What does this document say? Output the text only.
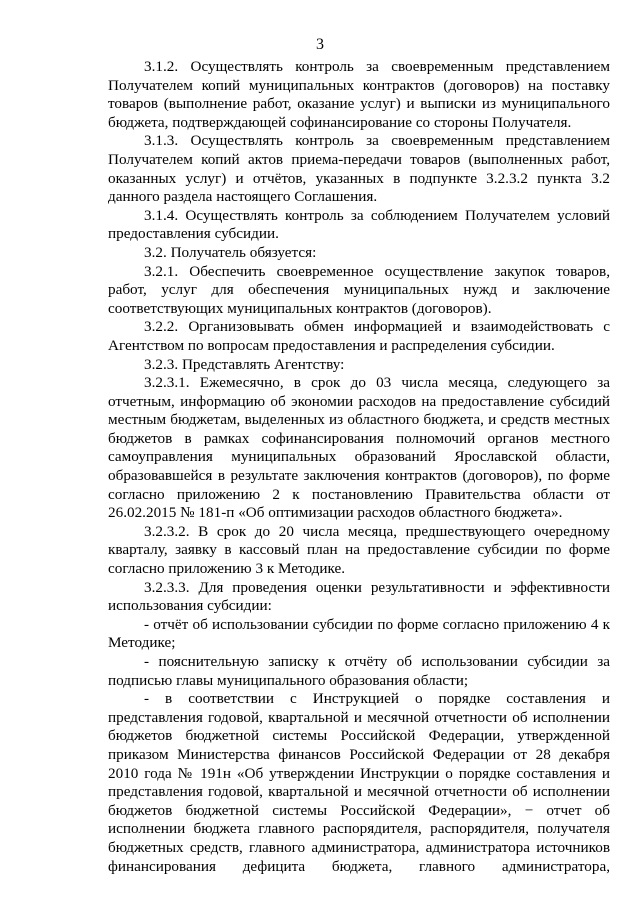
3

3.1.2. Осуществлять контроль за своевременным представлением Получателем копий муниципальных контрактов (договоров) на поставку товаров (выполнение работ, оказание услуг) и выписки из муниципального бюджета, подтверждающей софинансирование со стороны Получателя.

3.1.3. Осуществлять контроль за своевременным представлением Получателем копий актов приема-передачи товаров (выполненных работ, оказанных услуг) и отчётов, указанных в подпункте 3.2.3.2 пункта 3.2 данного раздела настоящего Соглашения.

3.1.4. Осуществлять контроль за соблюдением Получателем условий предоставления субсидии.

3.2. Получатель обязуется:

3.2.1. Обеспечить своевременное осуществление закупок товаров, работ, услуг для обеспечения муниципальных нужд и заключение соответствующих муниципальных контрактов (договоров).

3.2.2. Организовывать обмен информацией и взаимодействовать с Агентством по вопросам предоставления и распределения субсидии.

3.2.3. Представлять Агентству:

3.2.3.1. Ежемесячно, в срок до 03 числа месяца, следующего за отчетным, информацию об экономии расходов на предоставление субсидий местным бюджетам, выделенных из областного бюджета, и средств местных бюджетов в рамках софинансирования полномочий органов местного самоуправления муниципальных образований Ярославской области, образовавшейся в результате заключения контрактов (договоров), по форме согласно приложению 2 к постановлению Правительства области от 26.02.2015 № 181-п «Об оптимизации расходов областного бюджета».

3.2.3.2. В срок до 20 числа месяца, предшествующего очередному кварталу, заявку в кассовый план на предоставление субсидии по форме согласно приложению 3 к Методике.

3.2.3.3. Для проведения оценки результативности и эффективности использования субсидии:

- отчёт об использовании субсидии по форме согласно приложению 4 к Методике;

- пояснительную записку к отчёту об использовании субсидии за подписью главы муниципального образования области;

- в соответствии с Инструкцией о порядке составления и представления годовой, квартальной и месячной отчетности об исполнении бюджетов бюджетной системы Российской Федерации, утвержденной приказом Министерства финансов Российской Федерации от 28 декабря 2010 года № 191н «Об утверждении Инструкции о порядке составления и представления годовой, квартальной и месячной отчетности об исполнении бюджетов бюджетной системы Российской Федерации», − отчет об исполнении бюджета главного распорядителя, распорядителя, получателя бюджетных средств, главного администратора, администратора источников финансирования дефицита бюджета, главного администратора,
